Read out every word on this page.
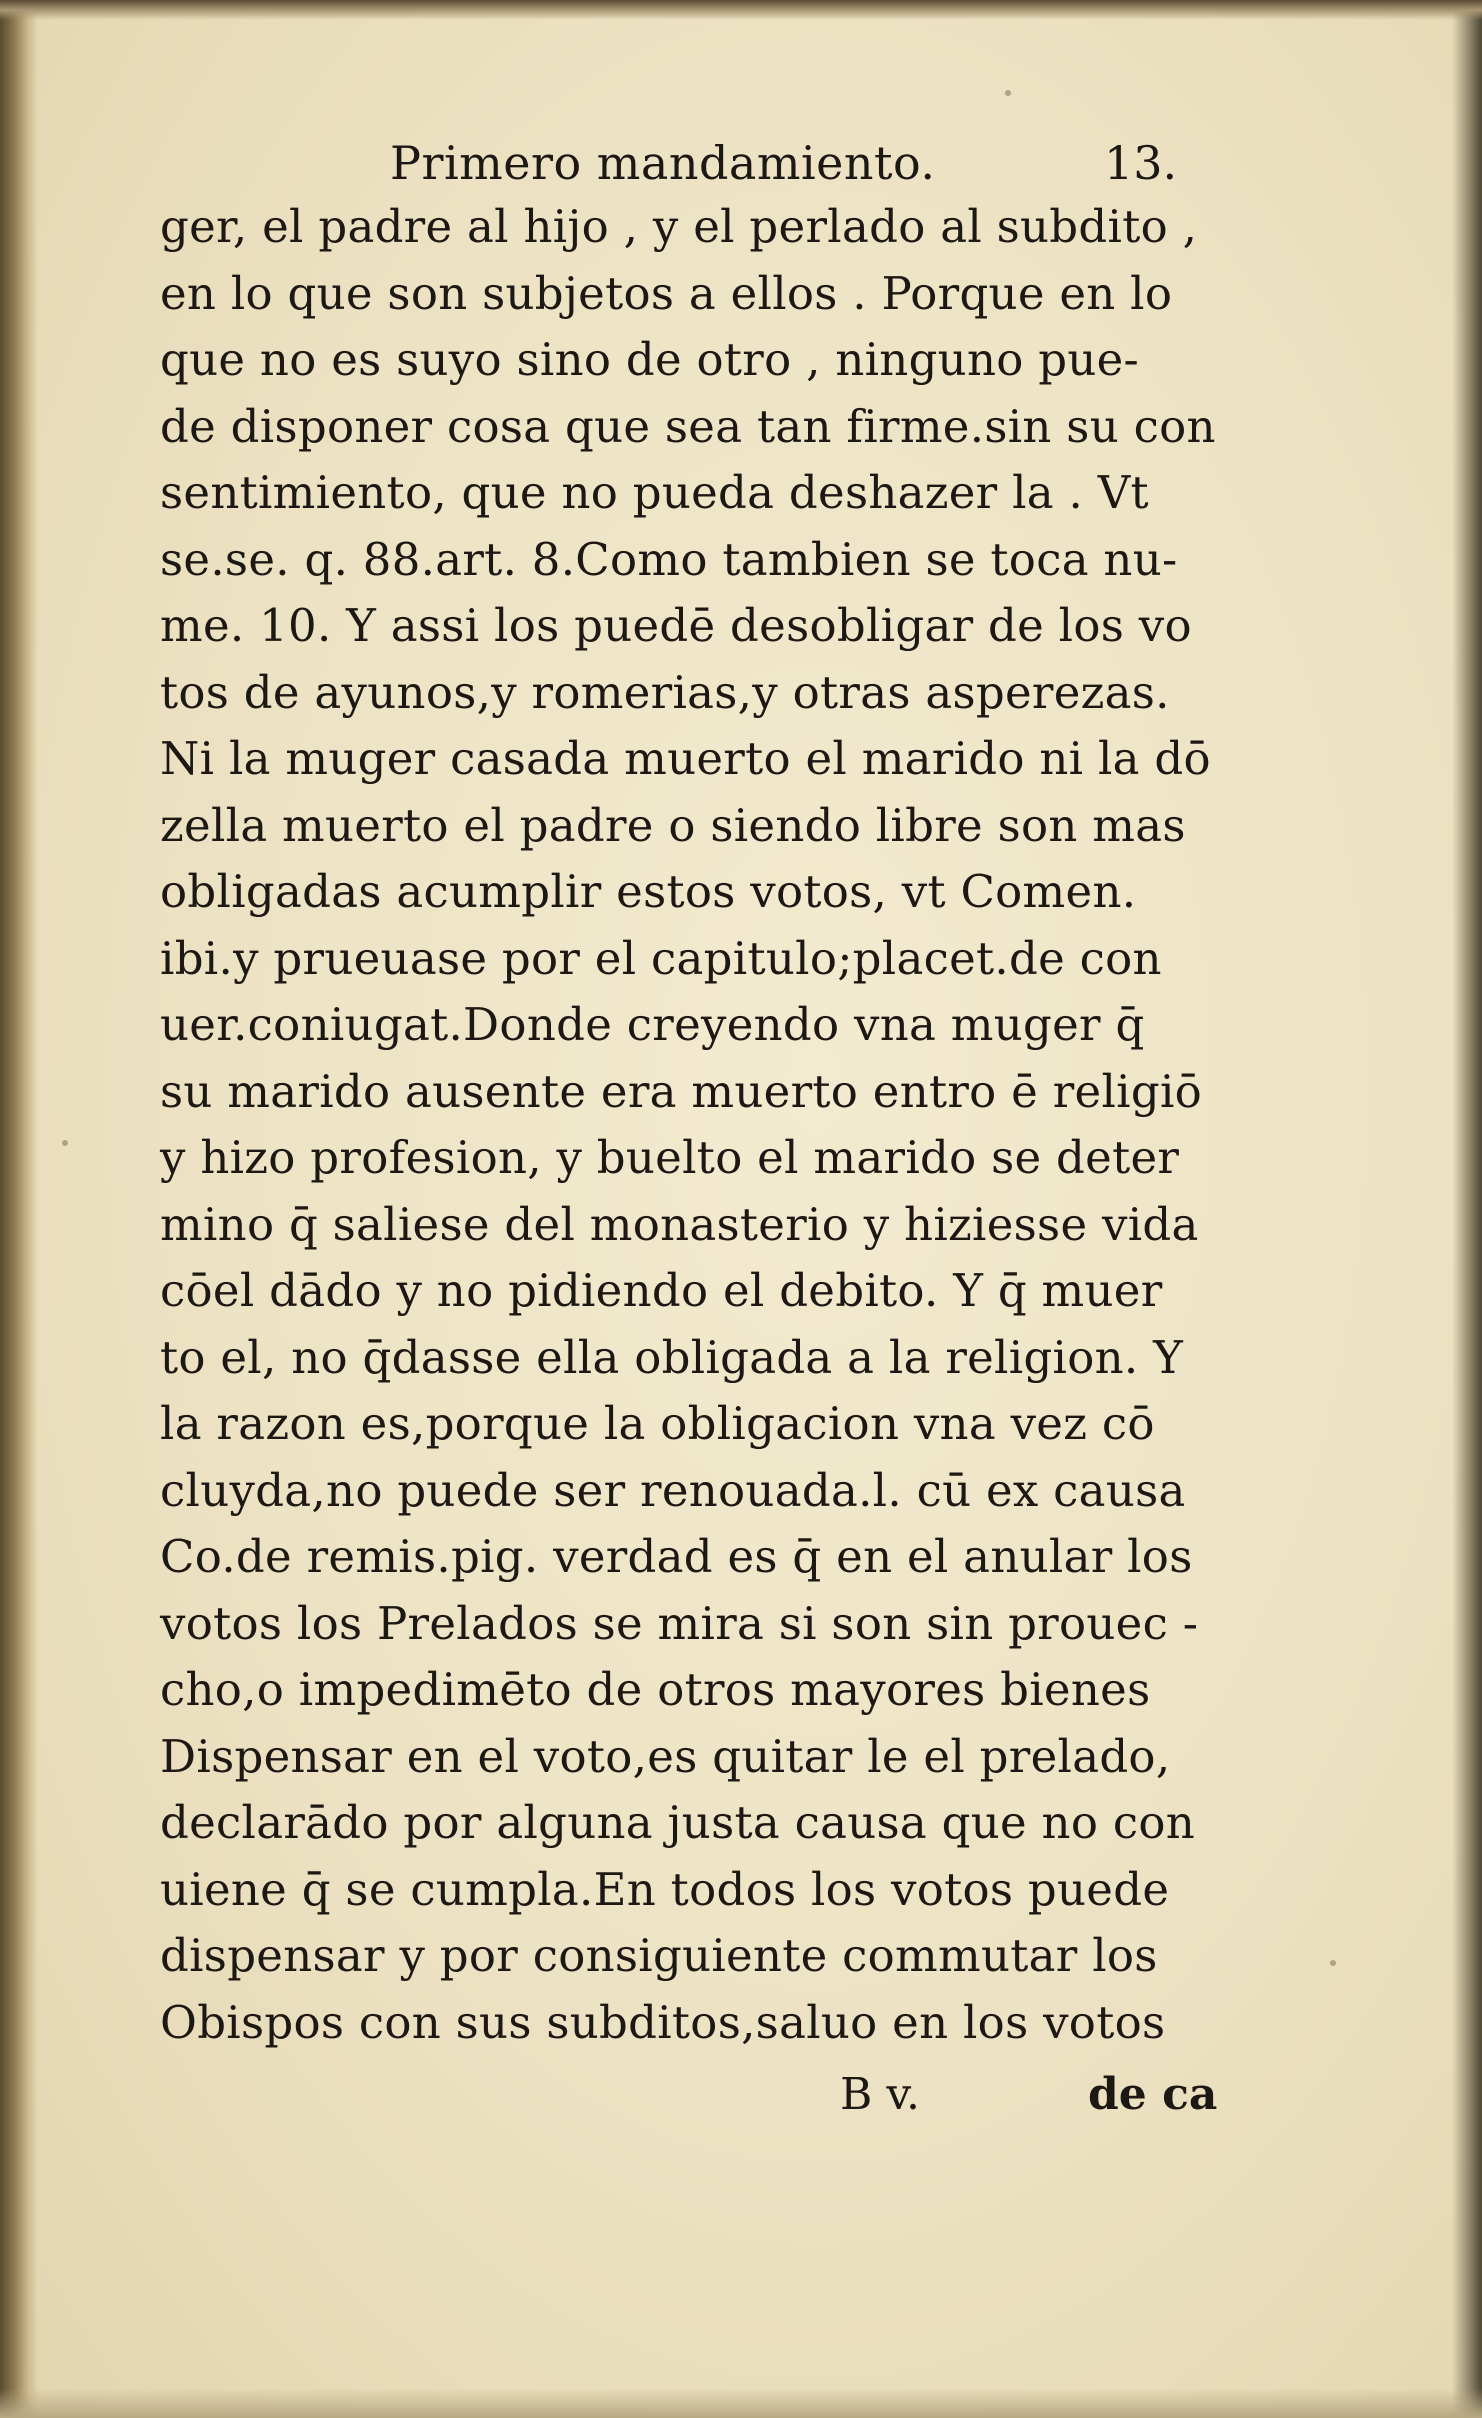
Primero mandamiento.	13.
ger, el padre al hijo , y el perlado al subdito ,
en lo que son subjetos a ellos . Porque en lo
que no es suyo sino de otro , ninguno pue-
de disponer cosa que sea tan firme.sin su con
sentimiento, que no pueda deshazer la . Vt
se.se. q. 88.art. 8.Como tambien se toca nu-
me. 10. Y assi los puedē desobligar de los vo
tos de ayunos,y romerias,y otras asperezas.
Ni la muger casada muerto el marido ni la dō
zella muerto el padre o siendo libre son mas
obligadas acumplir estos votos, vt Comen.
ibi.y prueuase por el capitulo;placet.de con
uer.coniugat.Donde creyendo vna muger q̄
su marido ausente era muerto entro ē religiō
y hizo profesion, y buelto el marido se deter
mino q̄ saliese del monasterio y hiziesse vida
cōel dādo y no pidiendo el debito. Y q̄ muer
to el, no q̄dasse ella obligada a la religion. Y
la razon es,porque la obligacion vna vez cō
cluyda,no puede ser renouada.l. cū ex causa
Co.de remis.pig. verdad es q̄ en el anular los
votos los Prelados se mira si son sin prouec -
cho,o impedimēto de otros mayores bienes
Dispensar en el voto,es quitar le el prelado,
declarādo por alguna justa causa que no con
uiene q̄ se cumpla.En todos los votos puede
dispensar y por consiguiente commutar los
Obispos con sus subditos,saluo en los votos
B v.	de ca
